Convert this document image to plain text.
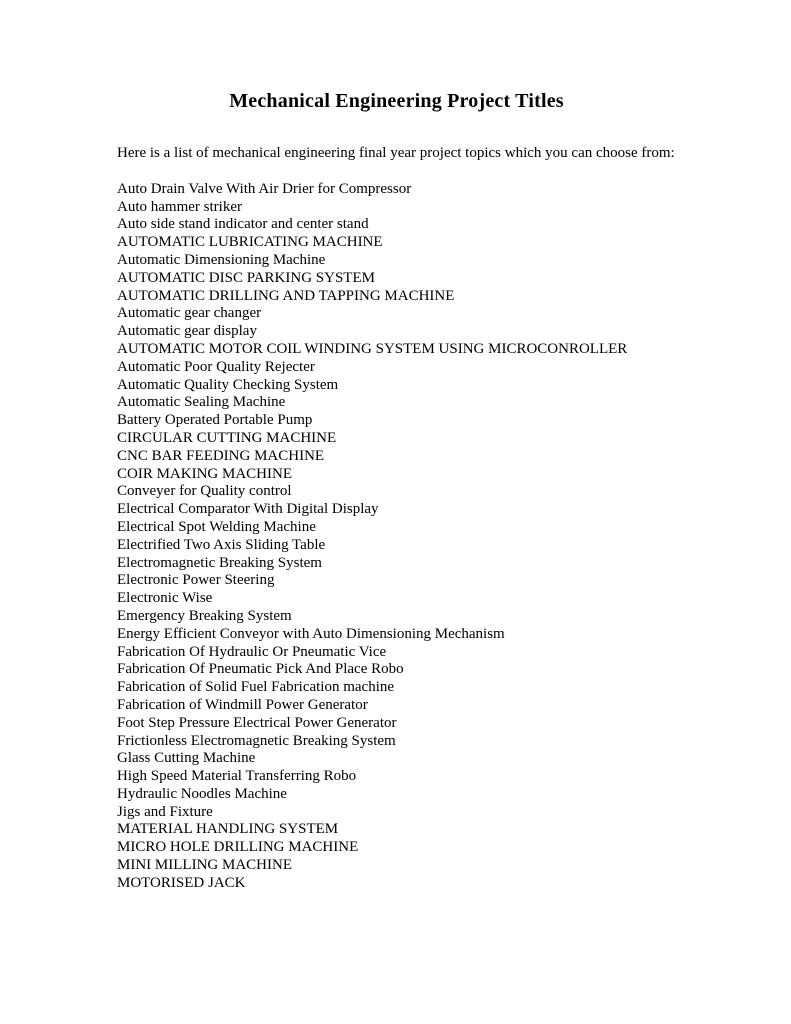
Mechanical Engineering Project Titles

Here is a list of mechanical engineering final year project topics which you can choose from:

Auto Drain Valve With Air Drier for Compressor
Auto hammer striker
Auto side stand indicator and center stand
AUTOMATIC LUBRICATING MACHINE
Automatic Dimensioning Machine
AUTOMATIC DISC PARKING SYSTEM
AUTOMATIC DRILLING AND TAPPING MACHINE
Automatic gear changer
Automatic gear display
AUTOMATIC MOTOR COIL WINDING SYSTEM USING MICROCONROLLER
Automatic Poor Quality Rejecter
Automatic Quality Checking System
Automatic Sealing Machine
Battery Operated Portable Pump
CIRCULAR CUTTING MACHINE
CNC BAR FEEDING MACHINE
COIR MAKING MACHINE
Conveyer for Quality control
Electrical Comparator With Digital Display
Electrical Spot Welding Machine
Electrified Two Axis Sliding Table
Electromagnetic Breaking System
Electronic Power Steering
Electronic Wise
Emergency Breaking System
Energy Efficient Conveyor with Auto Dimensioning Mechanism
Fabrication Of Hydraulic Or Pneumatic Vice
Fabrication Of Pneumatic Pick And Place Robo
Fabrication of Solid Fuel Fabrication machine
Fabrication of Windmill Power Generator
Foot Step Pressure Electrical Power Generator
Frictionless Electromagnetic Breaking System
Glass Cutting Machine
High Speed Material Transferring Robo
Hydraulic Noodles Machine
Jigs and Fixture
MATERIAL HANDLING SYSTEM
MICRO HOLE DRILLING MACHINE
MINI MILLING MACHINE
MOTORISED JACK
